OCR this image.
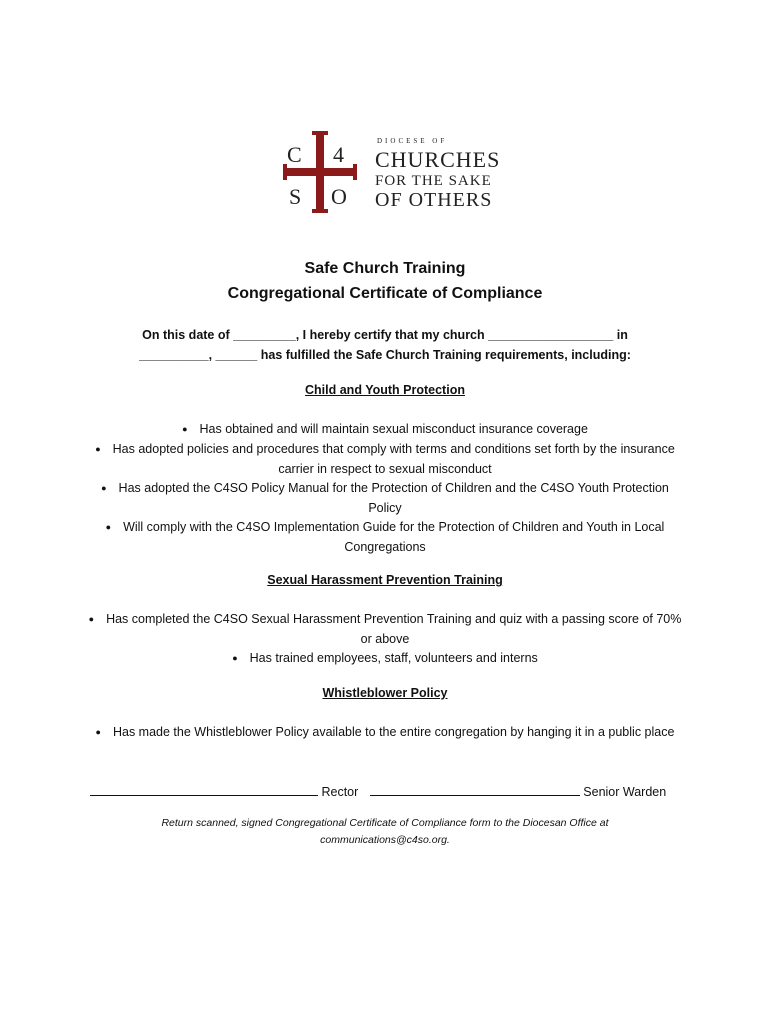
C 4
S O
DIOCESE OF
CHURCHES
FOR THE SAKE
OF OTHERS
Safe Church Training
Congregational Certificate of Compliance
On this date of _________, I hereby certify that my church __________________ in
__________, ______ has fulfilled the Safe Church Training requirements, including:
Child and Youth Protection
● Has obtained and will maintain sexual misconduct insurance coverage
● Has adopted policies and procedures that comply with terms and conditions set forth by the insurance carrier in respect to sexual misconduct
● Has adopted the C4SO Policy Manual for the Protection of Children and the C4SO Youth Protection Policy
● Will comply with the C4SO Implementation Guide for the Protection of Children and Youth in Local Congregations
Sexual Harassment Prevention Training
● Has completed the C4SO Sexual Harassment Prevention Training and quiz with a passing score of 70% or above
● Has trained employees, staff, volunteers and interns
Whistleblower Policy
● Has made the Whistleblower Policy available to the entire congregation by hanging it in a public place
Rector	Senior Warden
Return scanned, signed Congregational Certificate of Compliance form to the Diocesan Office at communications@c4so.org.
